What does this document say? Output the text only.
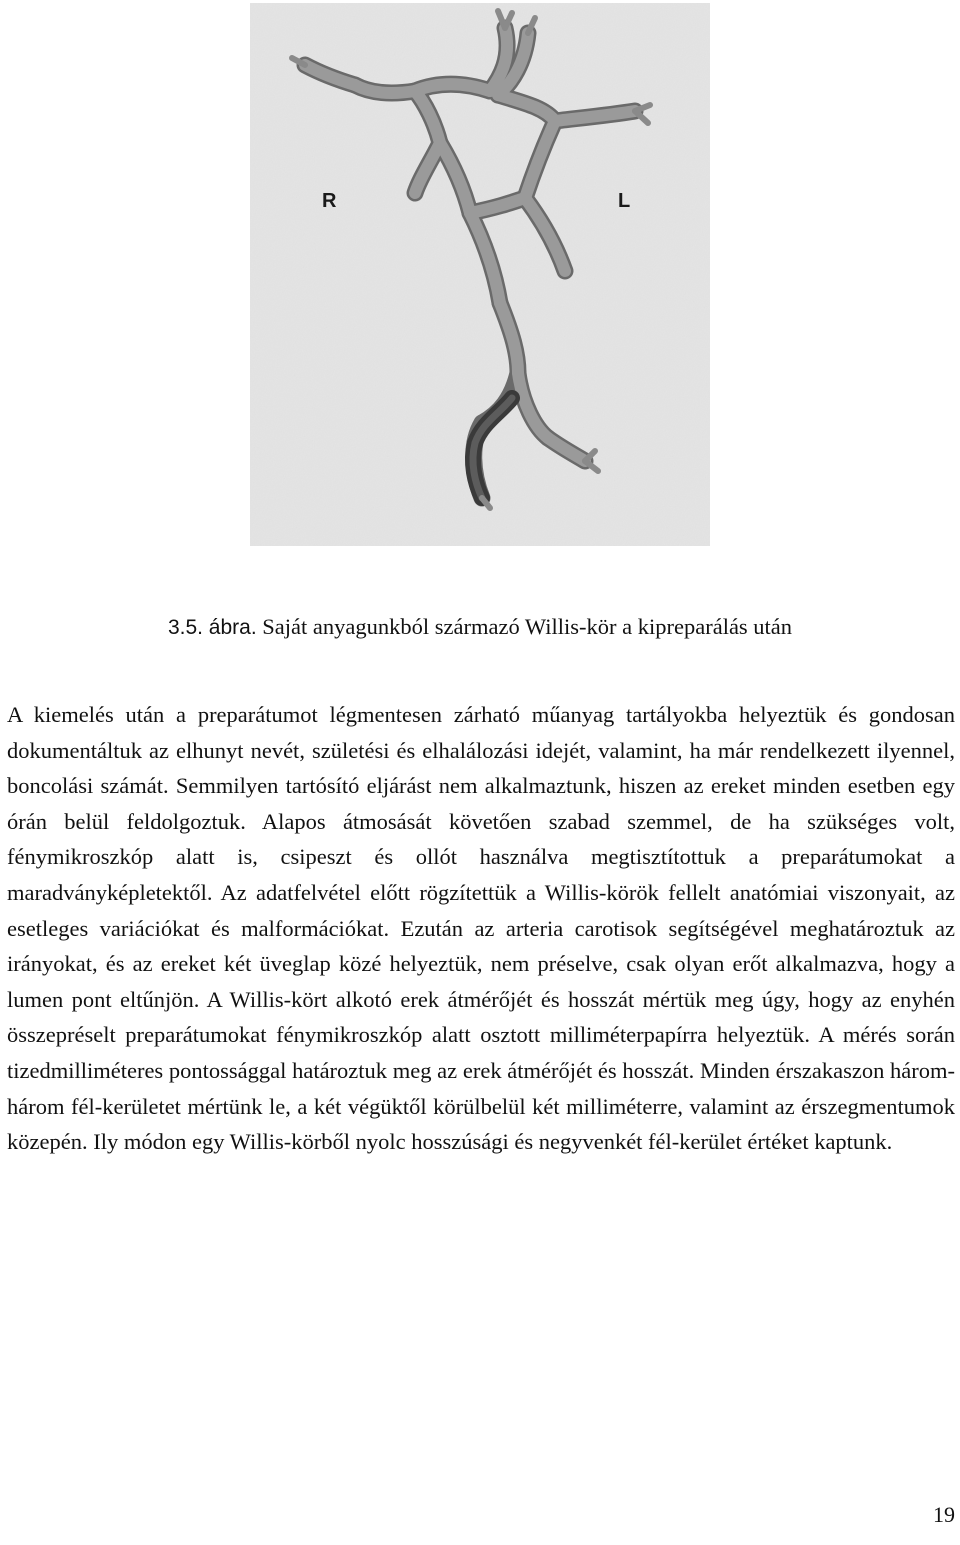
R	L
3.5. ábra. Saját anyagunkból származó Willis-kör a kipreparálás után

A kiemelés után a preparátumot légmentesen zárható műanyag tartályokba helyeztük és gondosan dokumentáltuk az elhunyt nevét, születési és elhalálozási idejét, valamint, ha már rendelkezett ilyennel, boncolási számát. Semmilyen tartósító eljárást nem alkalmaztunk, hiszen az ereket minden esetben egy órán belül feldolgoztuk. Alapos átmosását követően szabad szemmel, de ha szükséges volt, fénymikroszkóp alatt is, csipeszt és ollót használva megtisztítottuk a preparátumokat a maradványképletektől. Az adatfelvétel előtt rögzítettük a Willis-körök fellelt anatómiai viszonyait, az esetleges variációkat és malformációkat. Ezután az arteria carotisok segítségével meghatároztuk az irányokat, és az ereket két üveglap közé helyeztük, nem préselve, csak olyan erőt alkalmazva, hogy a lumen pont eltűnjön. A Willis-kört alkotó erek átmérőjét és hosszát mértük meg úgy, hogy az enyhén összepréselt preparátumokat fénymikroszkóp alatt osztott milliméterpapírra helyeztük. A mérés során tizedmilliméteres pontossággal határoztuk meg az erek átmérőjét és hosszát. Minden érszakaszon három-három fél-kerületet mértünk le, a két végüktől körülbelül két milliméterre, valamint az érszegmentumok közepén. Ily módon egy Willis-körből nyolc hosszúsági és negyvenkét fél-kerület értéket kaptunk.

19
